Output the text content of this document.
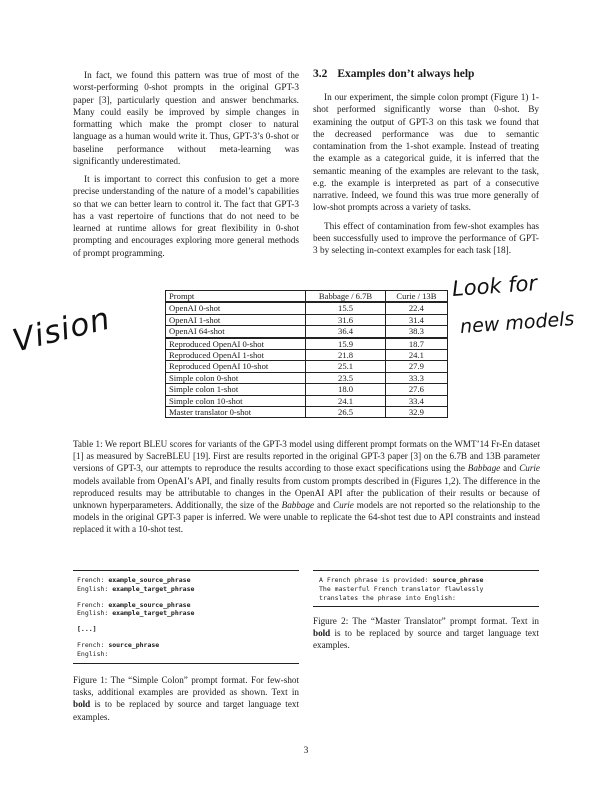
In fact, we found this pattern was true of most of the worst-performing 0-shot prompts in the original GPT-3 paper [3], particularly question and answer benchmarks. Many could easily be improved by simple changes in formatting which make the prompt closer to natural language as a human would write it. Thus, GPT-3’s 0-shot or baseline performance without meta-learning was significantly underestimated.

It is important to correct this confusion to get a more precise understanding of the nature of a model’s capabilities so that we can better learn to control it. The fact that GPT-3 has a vast repertoire of functions that do not need to be learned at runtime allows for great flexibility in 0-shot prompting and encourages exploring more general methods of prompt programming.

3.2 Examples don’t always help

In our experiment, the simple colon prompt (Figure 1) 1-shot performed significantly worse than 0-shot. By examining the output of GPT-3 on this task we found that the decreased performance was due to semantic contamination from the 1-shot example. Instead of treating the example as a categorical guide, it is inferred that the semantic meaning of the examples are relevant to the task, e.g. the example is interpreted as part of a consecutive narrative. Indeed, we found this was true more generally of low-shot prompts across a variety of tasks.

This effect of contamination from few-shot examples has been successfully used to improve the performance of GPT-3 by selecting in-context examples for each task [18].

Vision
Look for
new models
Prompt	Babbage / 6.7B	Curie / 13B
OpenAI 0-shot	15.5	22.4
OpenAI 1-shot	31.6	31.4
OpenAI 64-shot	36.4	38.3
Reproduced OpenAI 0-shot	15.9	18.7
Reproduced OpenAI 1-shot	21.8	24.1
Reproduced OpenAI 10-shot	25.1	27.9
Simple colon 0-shot	23.5	33.3
Simple colon 1-shot	18.0	27.6
Simple colon 10-shot	24.1	33.4
Master translator 0-shot	26.5	32.9
Table 1: We report BLEU scores for variants of the GPT-3 model using different prompt formats on the WMT’14 Fr-En dataset [1] as measured by SacreBLEU [19]. First are results reported in the original GPT-3 paper [3] on the 6.7B and 13B parameter versions of GPT-3, our attempts to reproduce the results according to those exact specifications using the Babbage and Curie models available from OpenAI’s API, and finally results from custom prompts described in (Figures 1,2). The difference in the reproduced results may be attributable to changes in the OpenAI API after the publication of their results or because of unknown hyperparameters. Additionally, the size of the Babbage and Curie models are not reported so the relationship to the models in the original GPT-3 paper is inferred. We were unable to replicate the 64-shot test due to API constraints and instead replaced it with a 10-shot test.
French: example_source_phrase
English: example_target_phrase
French: example_source_phrase
English: example_target_phrase
[...]
French: source_phrase
English:
Figure 1: The “Simple Colon” prompt format. For few-shot tasks, additional examples are provided as shown. Text in bold is to be replaced by source and target language text examples.
A French phrase is provided: source_phrase
The masterful French translator flawlessly
translates the phrase into English:
Figure 2: The “Master Translator” prompt format. Text in bold is to be replaced by source and target language text examples.
3
